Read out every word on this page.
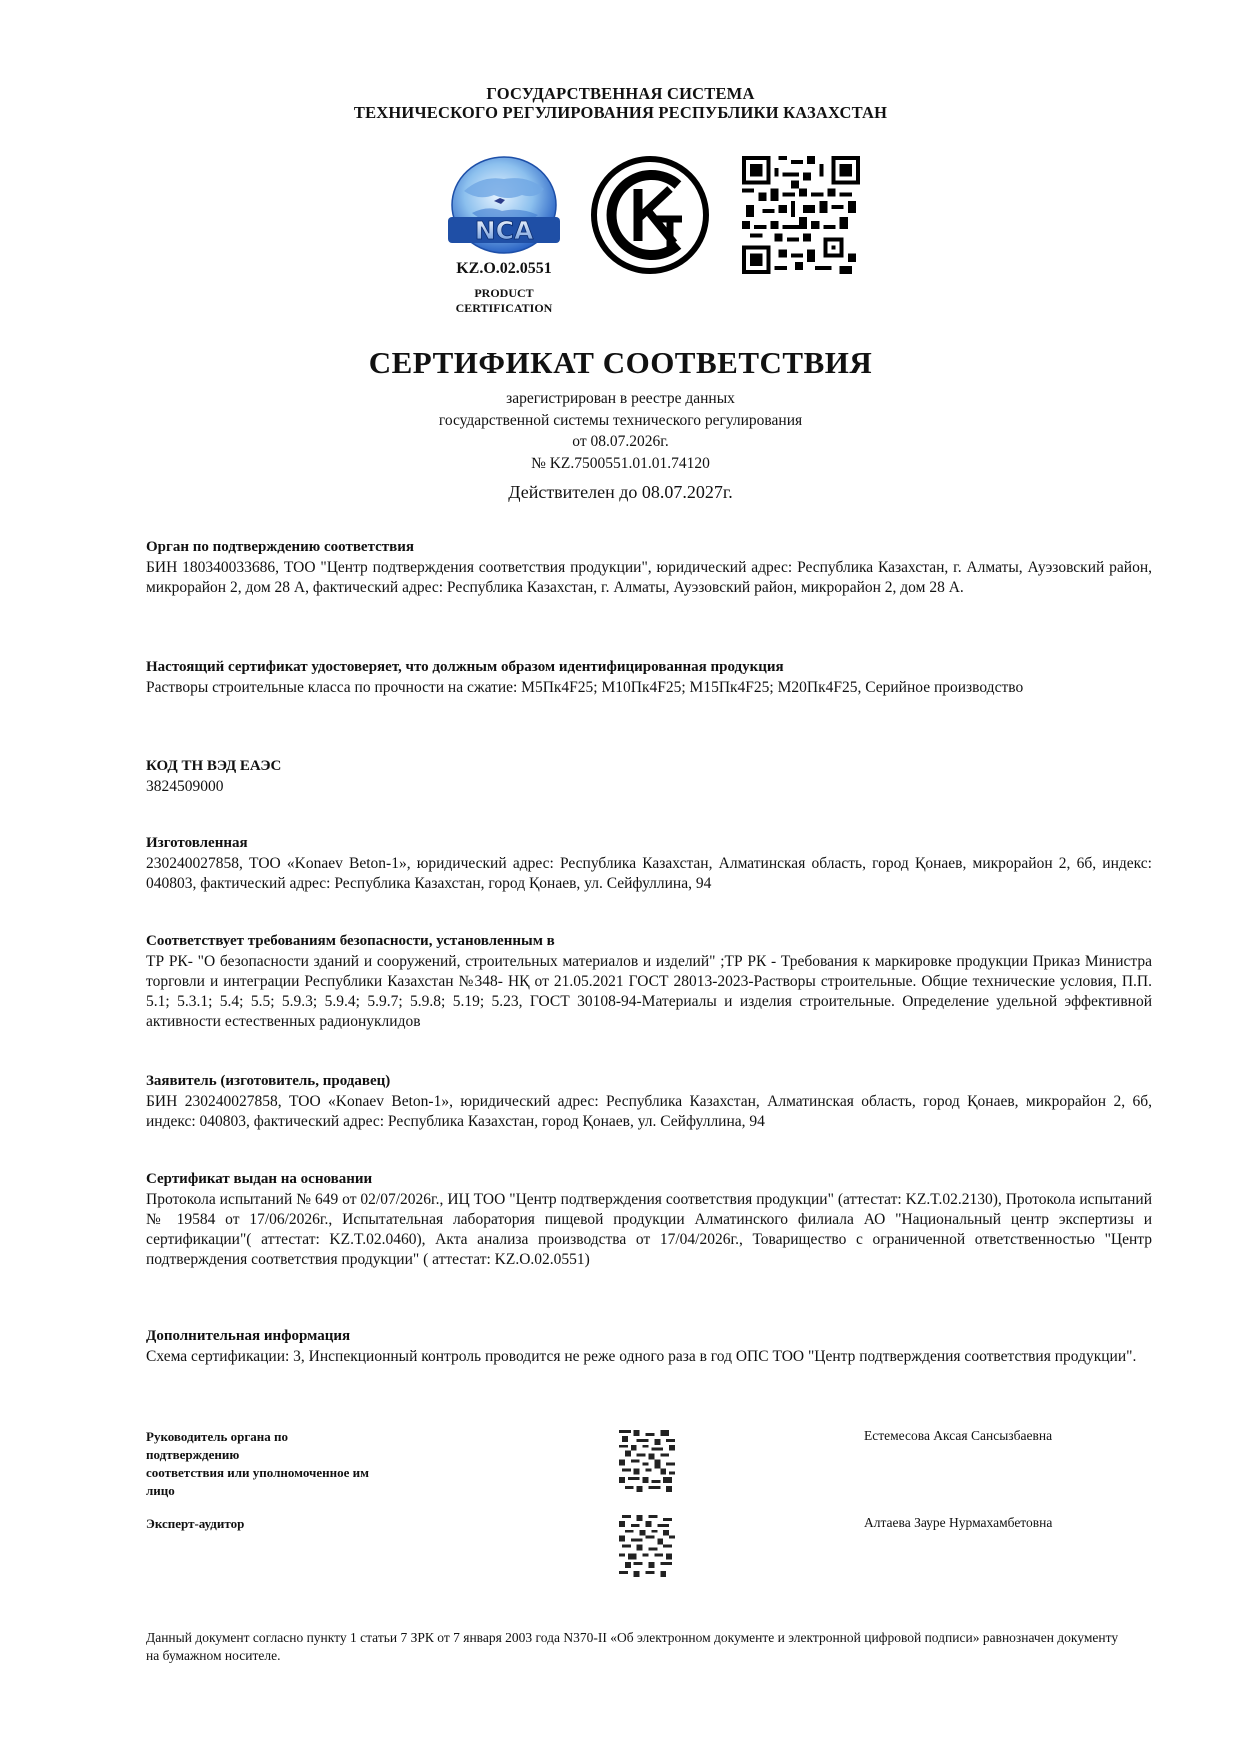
ГОСУДАРСТВЕННАЯ СИСТЕМА
ТЕХНИЧЕСКОГО РЕГУЛИРОВАНИЯ РЕСПУБЛИКИ КАЗАХСТАН
NCA
KZ.O.02.0551
PRODUCT
CERTIFICATION
СЕРТИФИКАТ СООТВЕТСТВИЯ
зарегистрирован в реестре данных
государственной системы технического регулирования
от 08.07.2026г.
№ KZ.7500551.01.01.74120
Действителен до 08.07.2027г.
Орган по подтверждению соответствия
БИН 180340033686, ТОО "Центр подтверждения соответствия продукции", юридический адрес: Республика Казахстан, г. Алматы, Ауэзовский район, микрорайон 2, дом 28 А, фактический адрес: Республика Казахстан, г. Алматы, Ауэзовский район, микрорайон 2, дом 28 А.
Настоящий сертификат удостоверяет, что должным образом идентифицированная продукция
Растворы строительные класса по прочности на сжатие: М5Пк4F25; М10Пк4F25; М15Пк4F25; М20Пк4F25, Серийное производство
КОД ТН ВЭД ЕАЭС
3824509000
Изготовленная
230240027858, ТОО «Konaev Beton-1», юридический адрес: Республика Казахстан, Алматинская область, город Қонаев, микрорайон 2, 6б, индекс: 040803, фактический адрес: Республика Казахстан, город Қонаев, ул. Сейфуллина, 94
Соответствует требованиям безопасности, установленным в
ТР РК- "О безопасности зданий и сооружений, строительных материалов и изделий" ;ТР РК - Требования к маркировке продукции Приказ Министра торговли и интеграции Республики Казахстан №348- НҚ от 21.05.2021 ГОСТ 28013-2023-Растворы строительные. Общие технические условия, П.П. 5.1; 5.3.1; 5.4; 5.5; 5.9.3; 5.9.4; 5.9.7; 5.9.8; 5.19; 5.23, ГОСТ 30108-94-Материалы и изделия строительные. Определение удельной эффективной активности естественных радионуклидов
Заявитель (изготовитель, продавец)
БИН 230240027858, ТОО «Konaev Beton-1», юридический адрес: Республика Казахстан, Алматинская область, город Қонаев, микрорайон 2, 6б, индекс: 040803, фактический адрес: Республика Казахстан, город Қонаев, ул. Сейфуллина, 94
Сертификат выдан на основании
Протокола испытаний № 649 от 02/07/2026г., ИЦ ТОО "Центр подтверждения соответствия продукции" (аттестат: KZ.T.02.2130), Протокола испытаний № 19584 от 17/06/2026г., Испытательная лаборатория пищевой продукции Алматинского филиала АО "Национальный центр экспертизы и сертификации"( аттестат: KZ.T.02.0460), Акта анализа производства от 17/04/2026г., Товарищество с ограниченной ответственностью "Центр подтверждения соответствия продукции" ( аттестат: KZ.O.02.0551)
Дополнительная информация
Схема сертификации: 3, Инспекционный контроль проводится не реже одного раза в год ОПС ТОО "Центр подтверждения соответствия продукции".
Руководитель органа по
подтверждению
соответствия или уполномоченное им
лицо
Естемесова Аксая Сансызбаевна
Эксперт-аудитор	Алтаева Зауре Нурмахамбетовна
Данный документ согласно пункту 1 статьи 7 ЗРК от 7 января 2003 года N370-II «Об электронном документе и электронной цифровой подписи» равнозначен документу на бумажном носителе.
